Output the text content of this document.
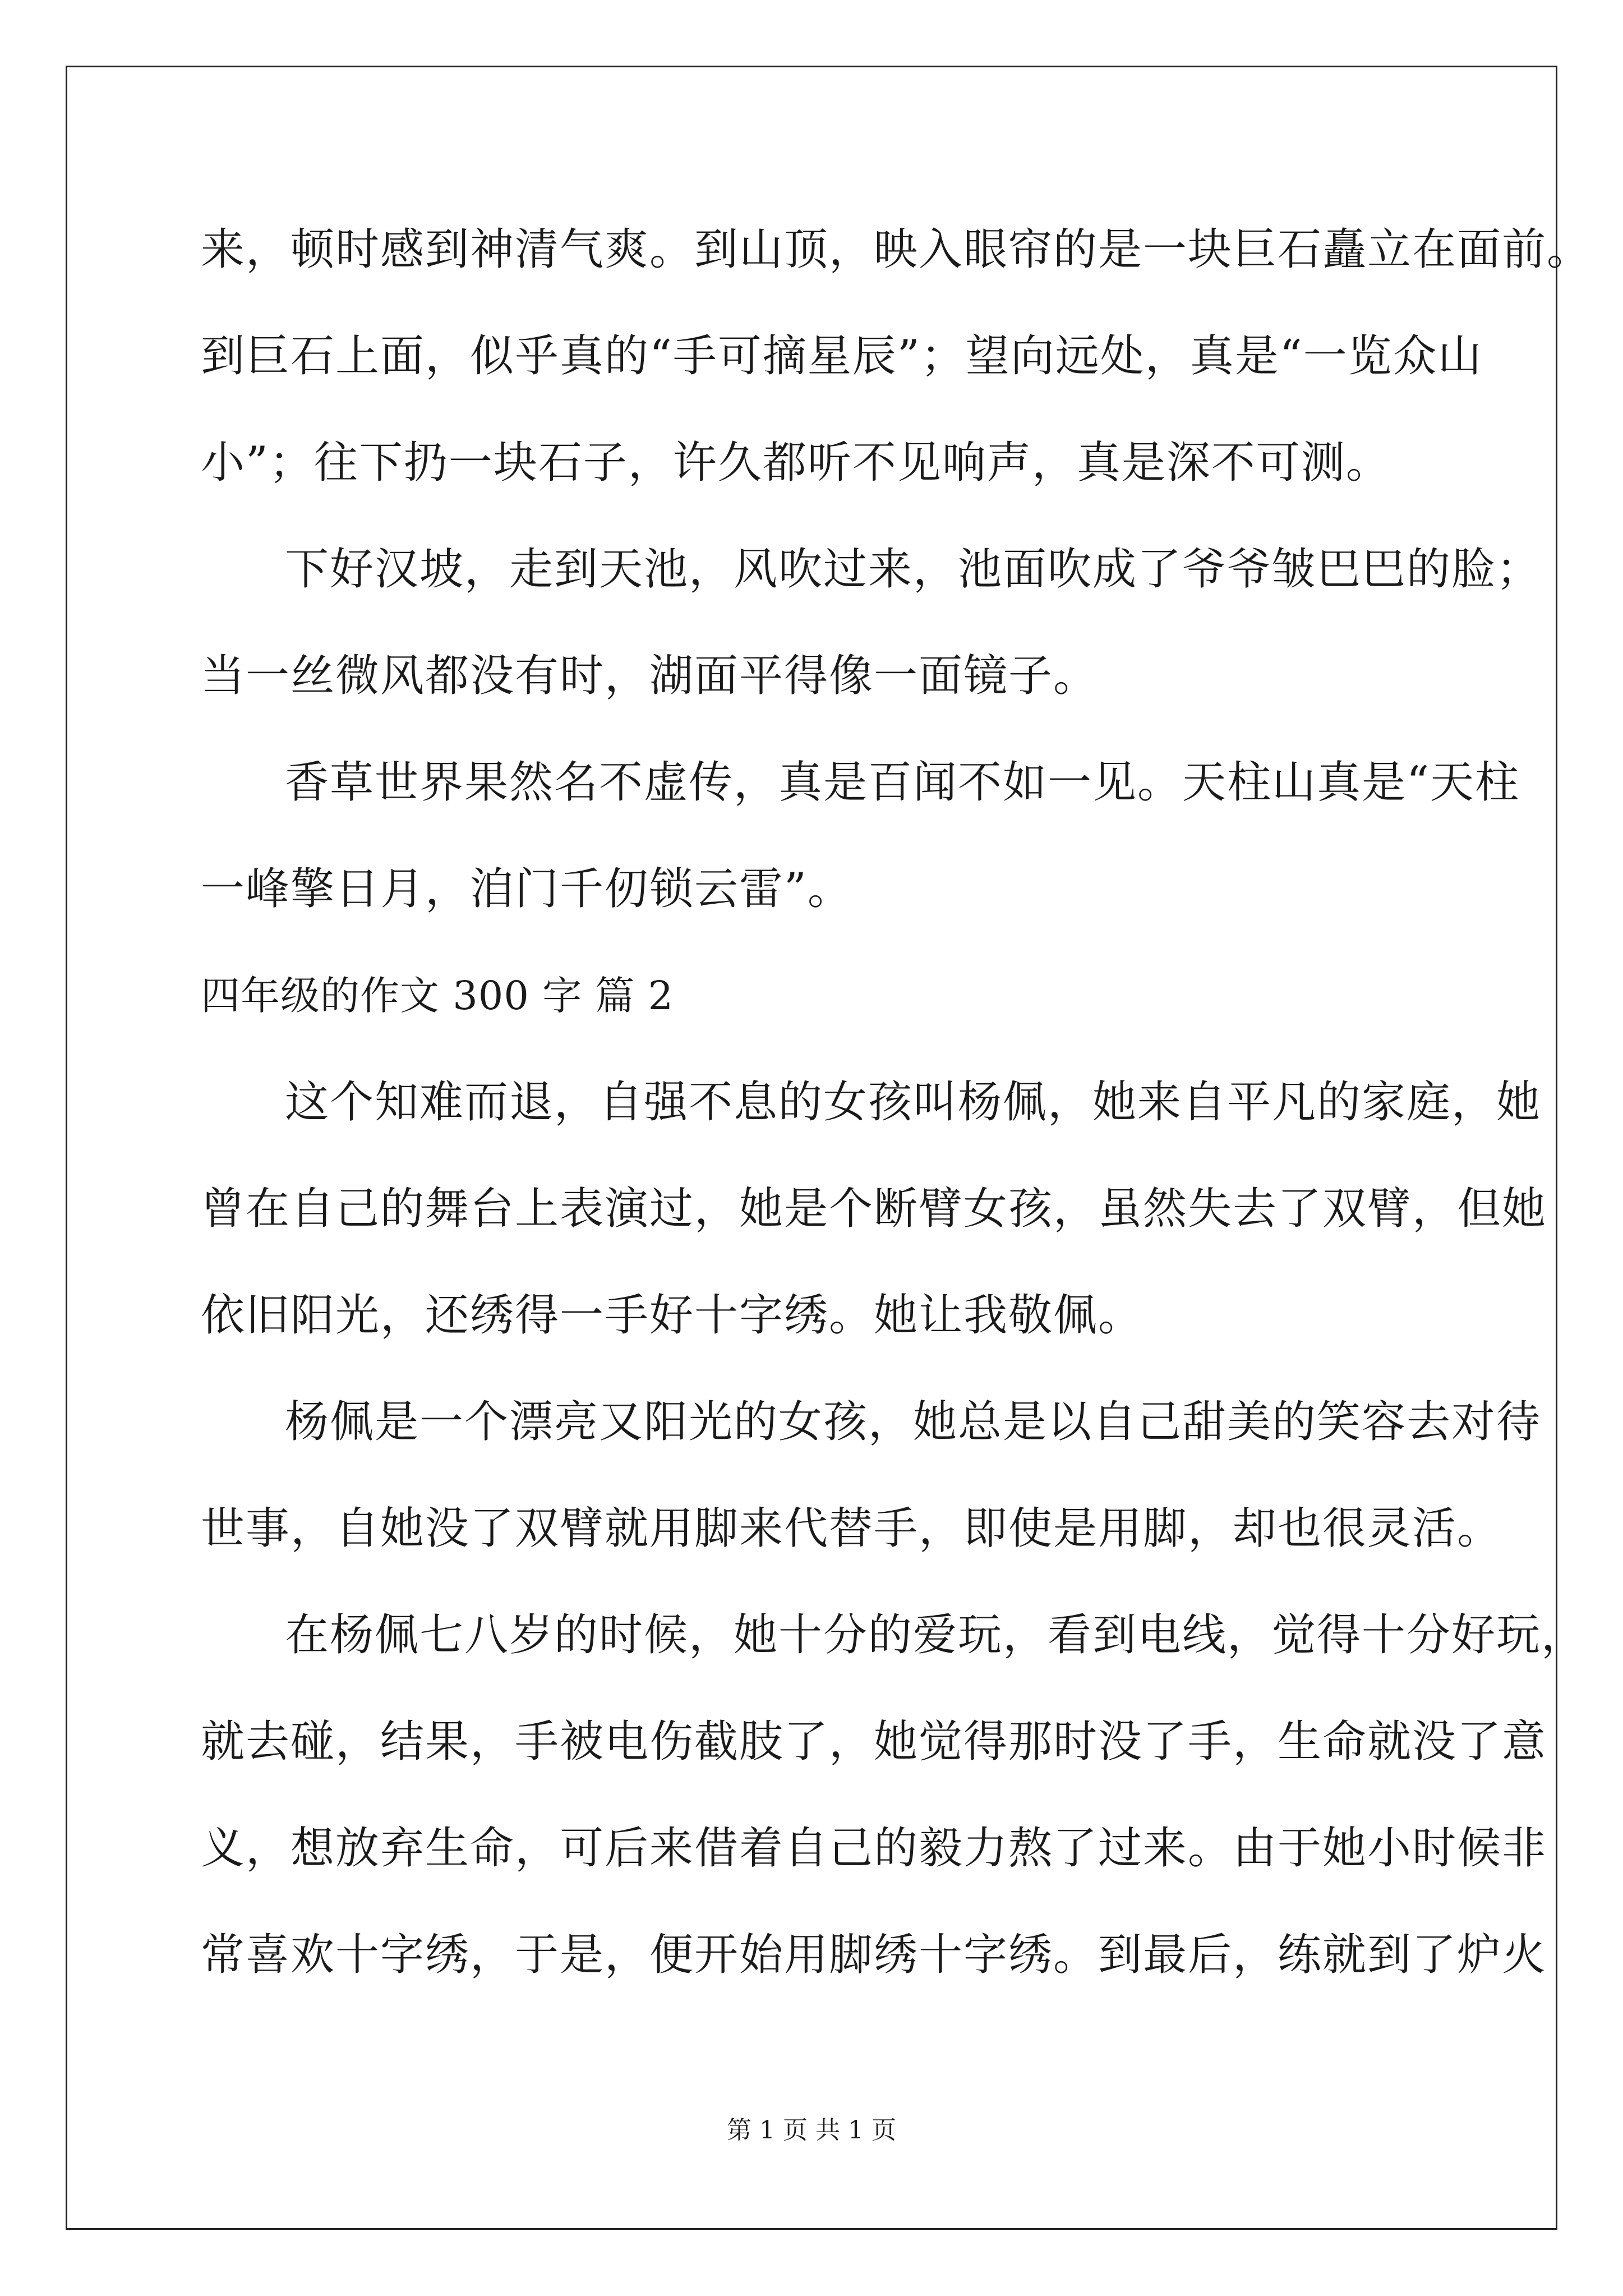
来，顿时感到神清气爽。到山顶，映入眼帘的是一块巨石矗立在面前。
到巨石上面，似乎真的“手可摘星辰”；望向远处，真是“一览众山
小”；往下扔一块石子，许久都听不见响声，真是深不可测。
下好汉坡，走到天池，风吹过来，池面吹成了爷爷皱巴巴的脸；
当一丝微风都没有时，湖面平得像一面镜子。
香草世界果然名不虚传，真是百闻不如一见。天柱山真是“天柱
一峰擎日月，洎门千仞锁云雷”。
四年级的作文 300 字 篇 2
这个知难而退，自强不息的女孩叫杨佩，她来自平凡的家庭，她
曾在自己的舞台上表演过，她是个断臂女孩，虽然失去了双臂，但她
依旧阳光，还绣得一手好十字绣。她让我敬佩。
杨佩是一个漂亮又阳光的女孩，她总是以自己甜美的笑容去对待
世事，自她没了双臂就用脚来代替手，即使是用脚，却也很灵活。
在杨佩七八岁的时候，她十分的爱玩，看到电线，觉得十分好玩，
就去碰，结果，手被电伤截肢了，她觉得那时没了手，生命就没了意
义，想放弃生命，可后来借着自己的毅力熬了过来。由于她小时候非
常喜欢十字绣，于是，便开始用脚绣十字绣。到最后，练就到了炉火
第 1 页 共 1 页
